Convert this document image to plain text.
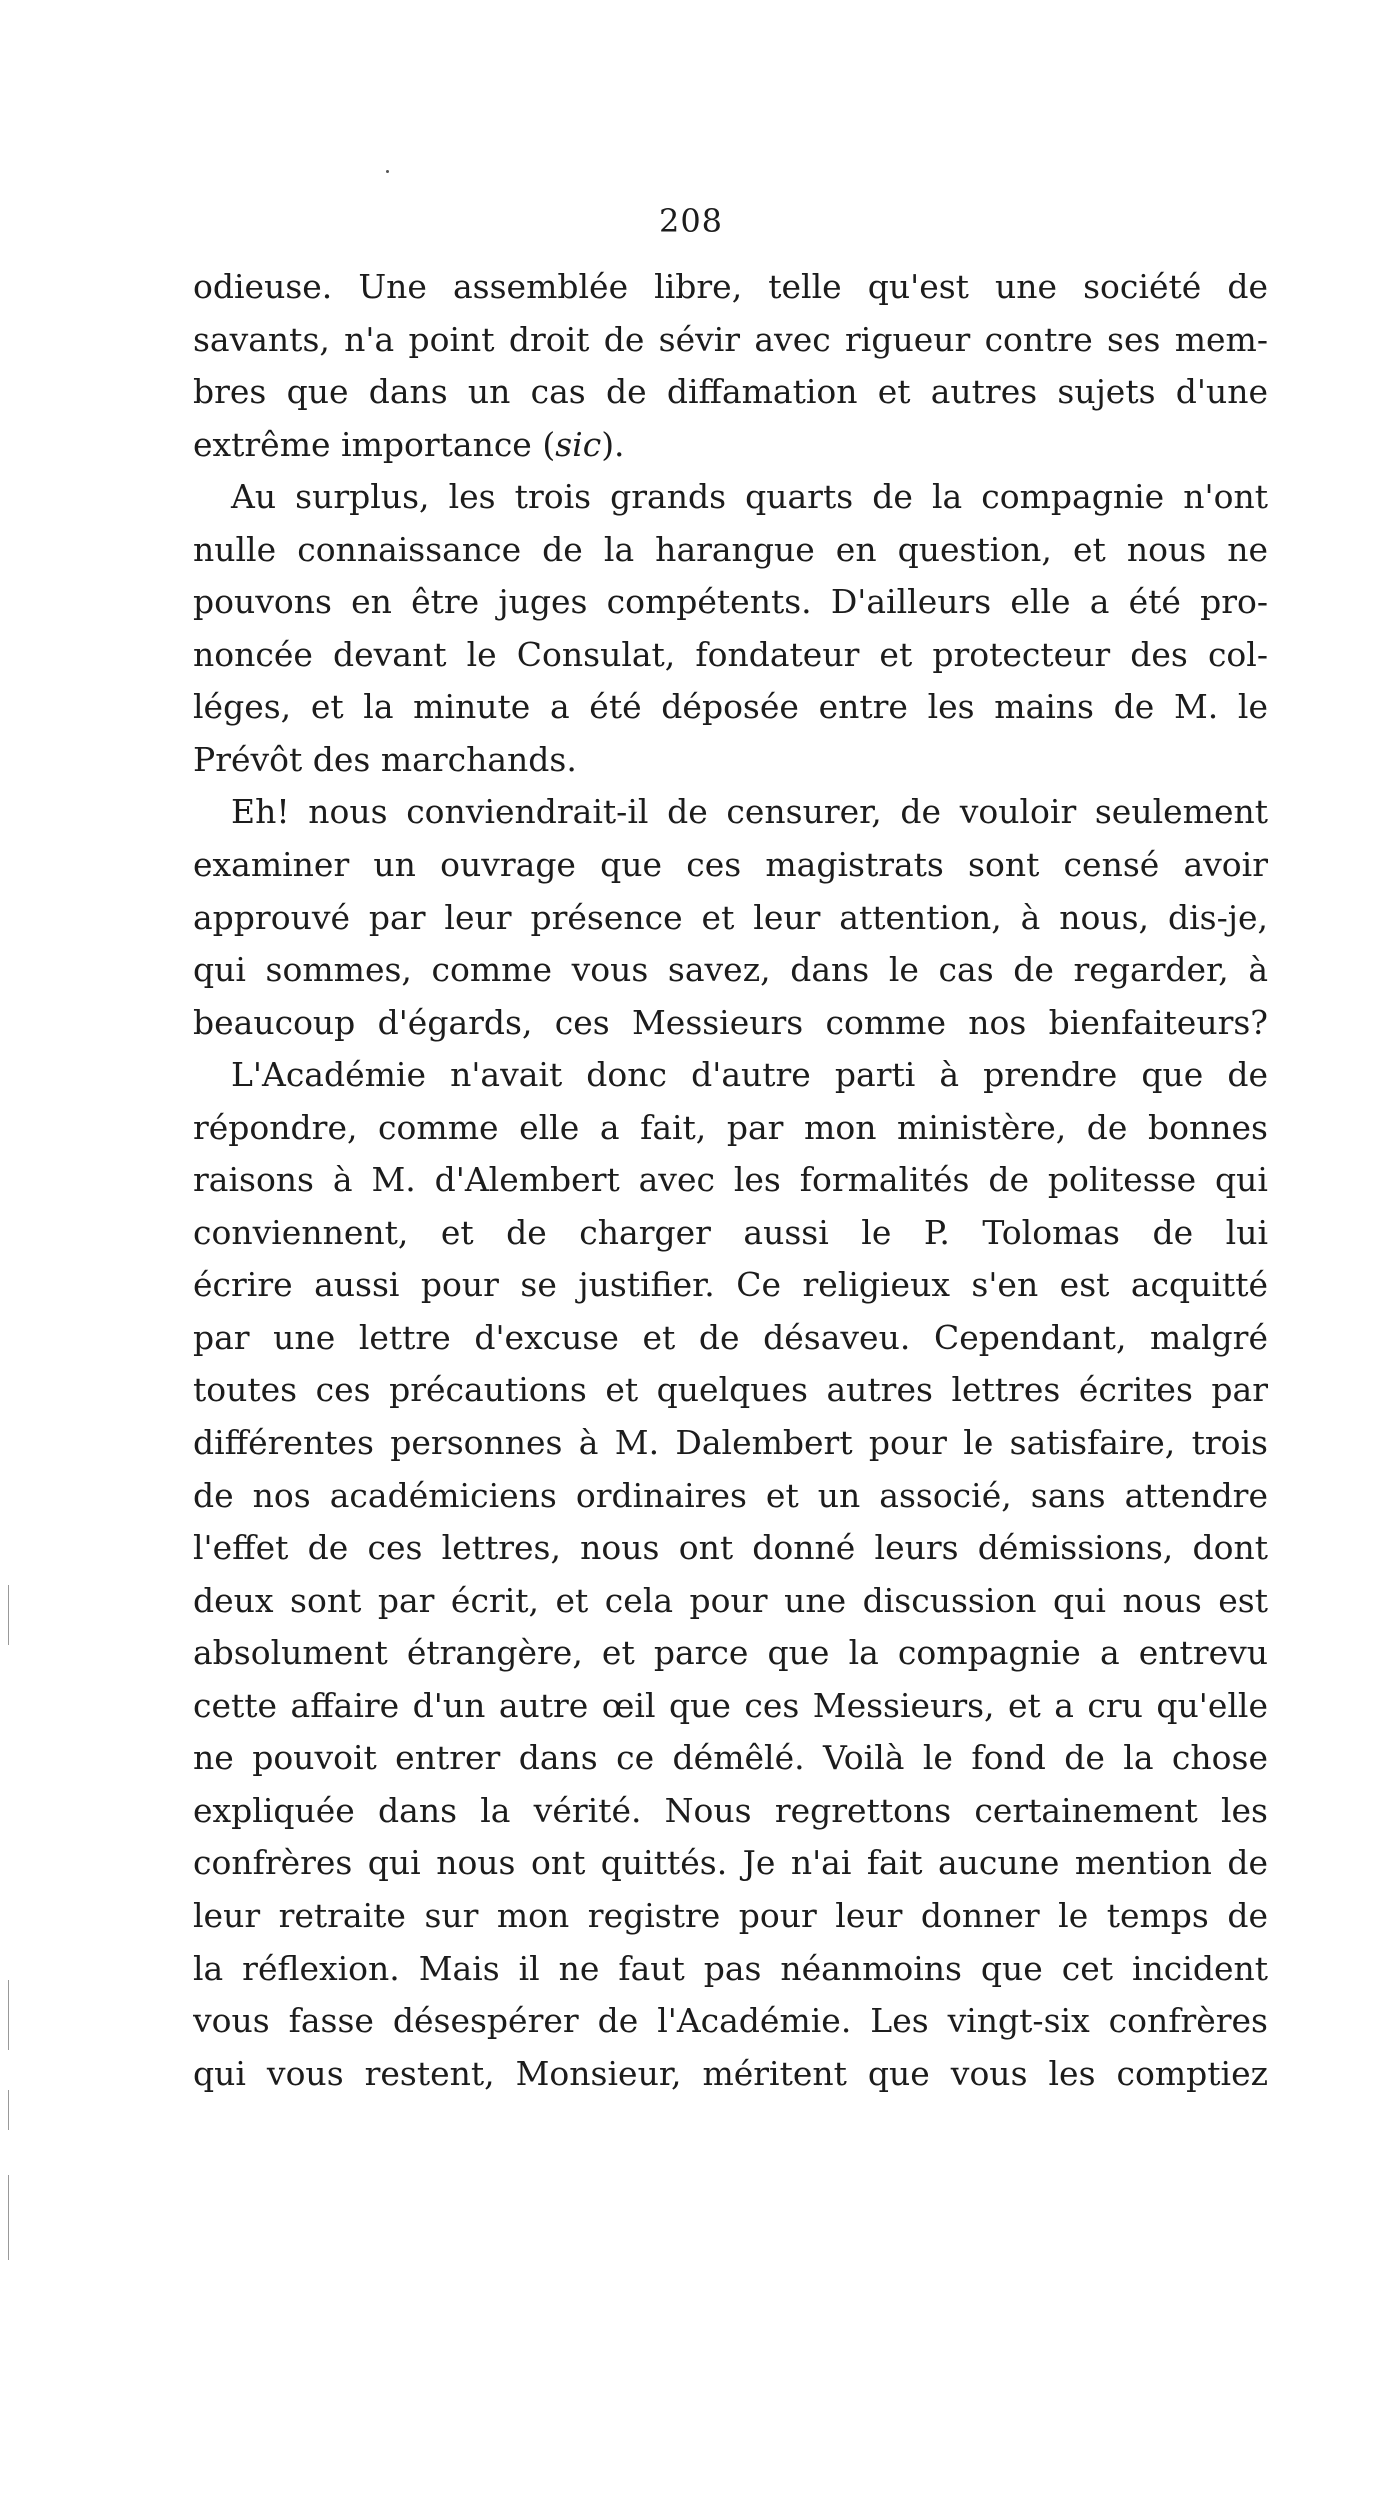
208
odieuse. Une assemblée libre, telle qu'est une société de
savants, n'a point droit de sévir avec rigueur contre ses mem-
bres que dans un cas de diffamation et autres sujets d'une
extrême importance (sic).
Au surplus, les trois grands quarts de la compagnie n'ont
nulle connaissance de la harangue en question, et nous ne
pouvons en être juges compétents. D'ailleurs elle a été pro-
noncée devant le Consulat, fondateur et protecteur des col-
léges, et la minute a été déposée entre les mains de M. le
Prévôt des marchands.
Eh! nous conviendrait-il de censurer, de vouloir seulement
examiner un ouvrage que ces magistrats sont censé avoir
approuvé par leur présence et leur attention, à nous, dis-je,
qui sommes, comme vous savez, dans le cas de regarder, à
beaucoup d'égards, ces Messieurs comme nos bienfaiteurs?
L'Académie n'avait donc d'autre parti à prendre que de
répondre, comme elle a fait, par mon ministère, de bonnes
raisons à M. d'Alembert avec les formalités de politesse qui
conviennent, et de charger aussi le P. Tolomas de lui
écrire aussi pour se justifier. Ce religieux s'en est acquitté
par une lettre d'excuse et de désaveu. Cependant, malgré
toutes ces précautions et quelques autres lettres écrites par
différentes personnes à M. Dalembert pour le satisfaire, trois
de nos académiciens ordinaires et un associé, sans attendre
l'effet de ces lettres, nous ont donné leurs démissions, dont
deux sont par écrit, et cela pour une discussion qui nous est
absolument étrangère, et parce que la compagnie a entrevu
cette affaire d'un autre œil que ces Messieurs, et a cru qu'elle
ne pouvoit entrer dans ce démêlé. Voilà le fond de la chose
expliquée dans la vérité. Nous regrettons certainement les
confrères qui nous ont quittés. Je n'ai fait aucune mention de
leur retraite sur mon registre pour leur donner le temps de
la réflexion. Mais il ne faut pas néanmoins que cet incident
vous fasse désespérer de l'Académie. Les vingt-six confrères
qui vous restent, Monsieur, méritent que vous les comptiez
